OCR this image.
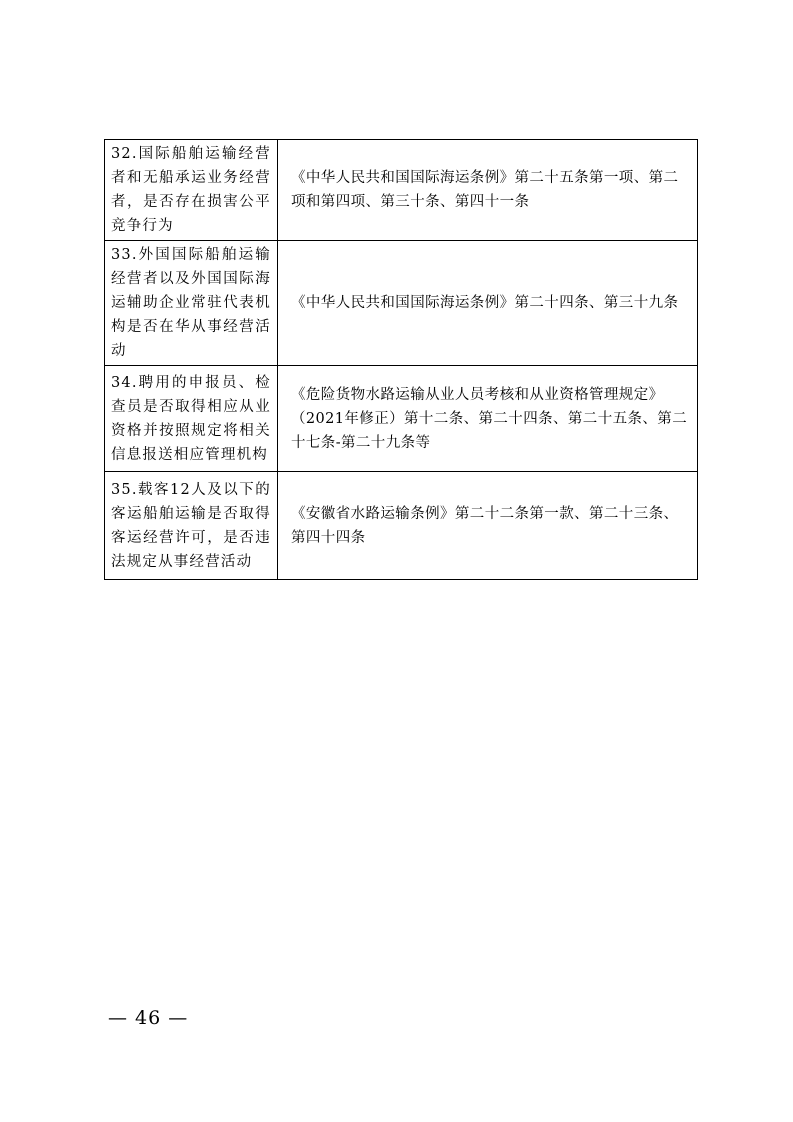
32.国际船舶运输经营者和无船承运业务经营者，是否存在损害公平竞争行为	《中华人民共和国国际海运条例》第二十五条第一项、第二项和第四项、第三十条、第四十一条
33.外国国际船舶运输经营者以及外国国际海运辅助企业常驻代表机构是否在华从事经营活动	《中华人民共和国国际海运条例》第二十四条、第三十九条
34.聘用的申报员、检查员是否取得相应从业资格并按照规定将相关信息报送相应管理机构	《危险货物水路运输从业人员考核和从业资格管理规定》（2021年修正）第十二条、第二十四条、第二十五条、第二十七条-第二十九条等
35.载客12人及以下的客运船舶运输是否取得客运经营许可，是否违法规定从事经营活动	《安徽省水路运输条例》第二十二条第一款、第二十三条、第四十四条
— 46 —
